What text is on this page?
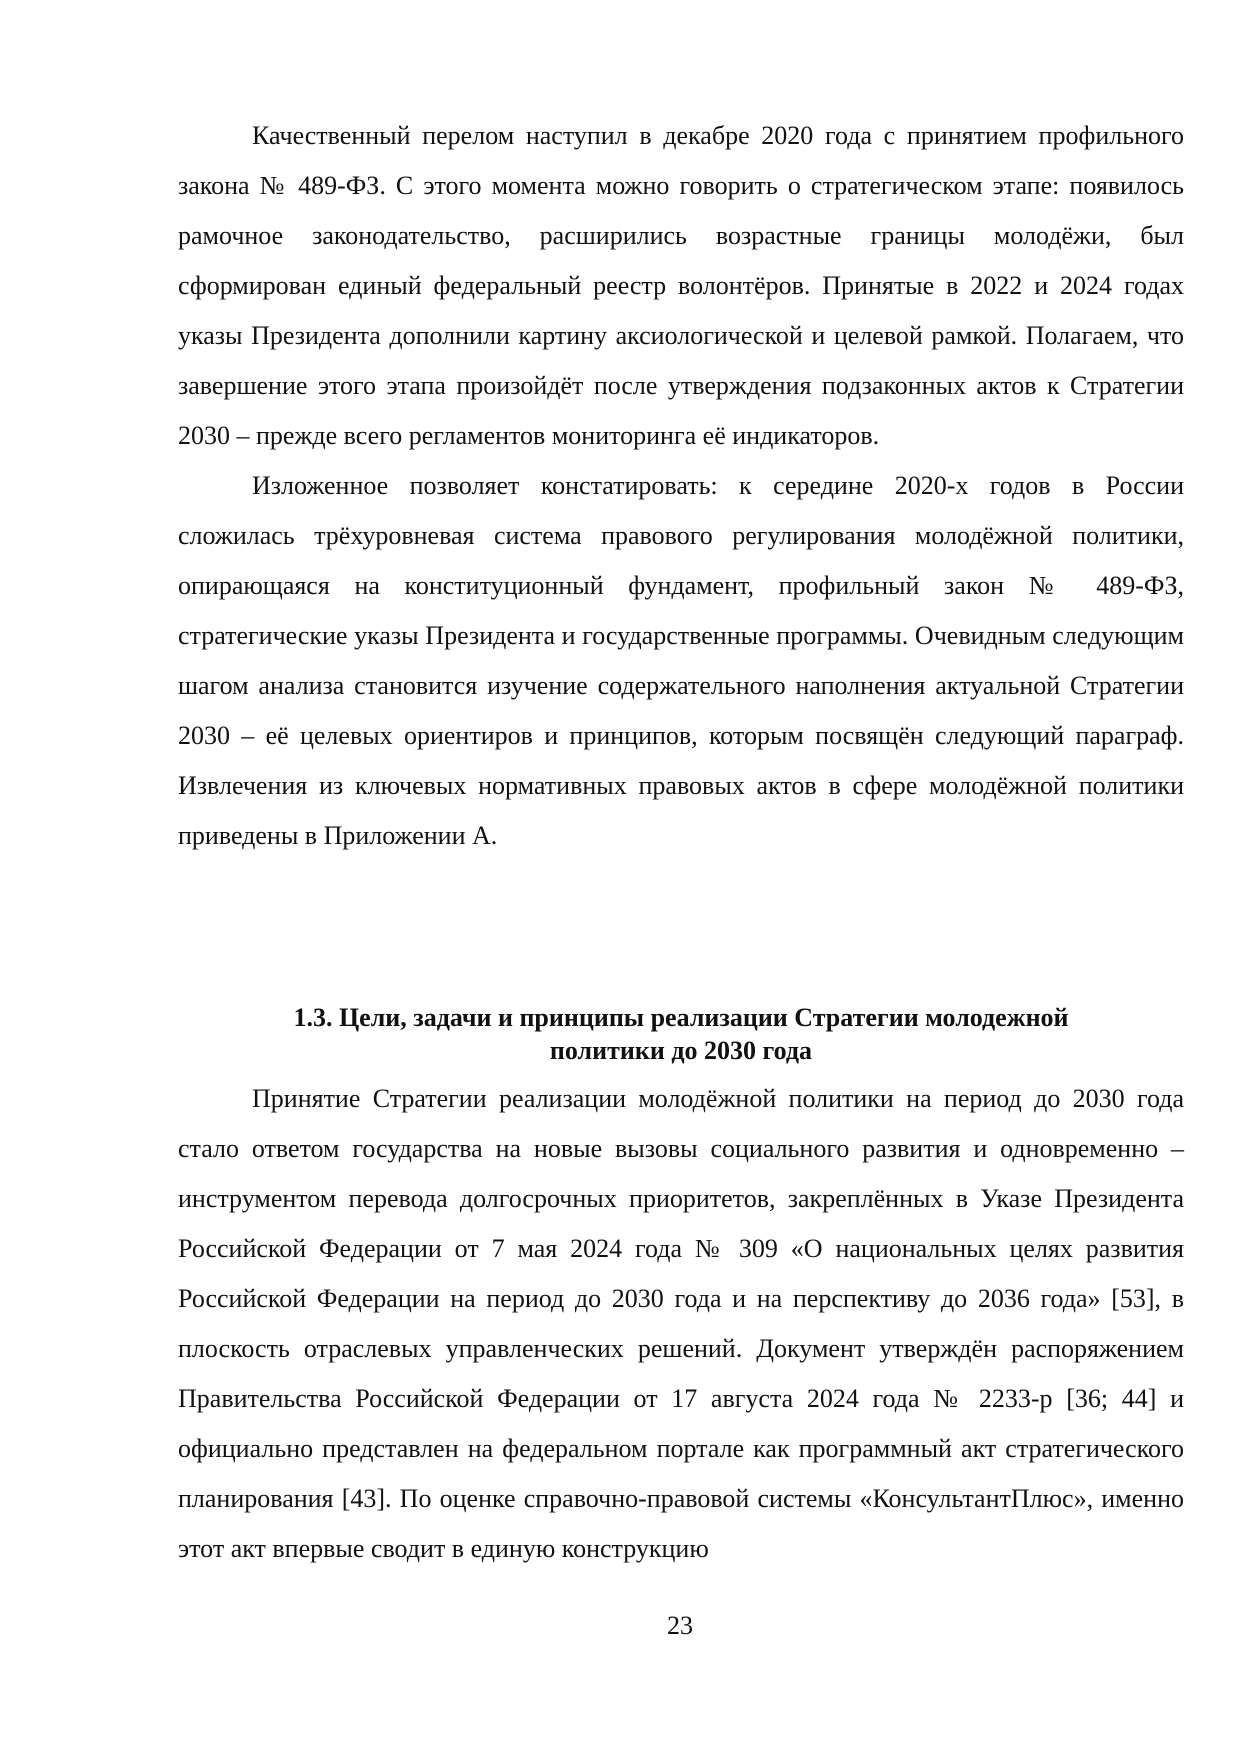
Качественный перелом наступил в декабре 2020 года с принятием профильного закона № 489-ФЗ. С этого момента можно говорить о стратегическом этапе: появилось рамочное законодательство, расширились возрастные границы молодёжи, был сформирован единый федеральный реестр волонтёров. Принятые в 2022 и 2024 годах указы Президента дополнили картину аксиологической и целевой рамкой. Полагаем, что завершение этого этапа произойдёт после утверждения подзаконных актов к Стратегии 2030 – прежде всего регламентов мониторинга её индикаторов.

Изложенное позволяет констатировать: к середине 2020-х годов в России сложилась трёхуровневая система правового регулирования молодёжной политики, опирающаяся на конституционный фундамент, профильный закон № 489-ФЗ, стратегические указы Президента и государственные программы. Очевидным следующим шагом анализа становится изучение содержательного наполнения актуальной Стратегии 2030 – её целевых ориентиров и принципов, которым посвящён следующий параграф. Извлечения из ключевых нормативных правовых актов в сфере молодёжной политики приведены в Приложении А.

1.3. Цели, задачи и принципы реализации Стратегии молодежной
политики до 2030 года

Принятие Стратегии реализации молодёжной политики на период до 2030 года стало ответом государства на новые вызовы социального развития и одновременно – инструментом перевода долгосрочных приоритетов, закреплённых в Указе Президента Российской Федерации от 7 мая 2024 года № 309 «О национальных целях развития Российской Федерации на период до 2030 года и на перспективу до 2036 года» [53], в плоскость отраслевых управленческих решений. Документ утверждён распоряжением Правительства Российской Федерации от 17 августа 2024 года № 2233-р [36; 44] и официально представлен на федеральном портале как программный акт стратегического планирования [43]. По оценке справочно-правовой системы «КонсультантПлюс», именно этот акт впервые сводит в единую конструкцию

23
